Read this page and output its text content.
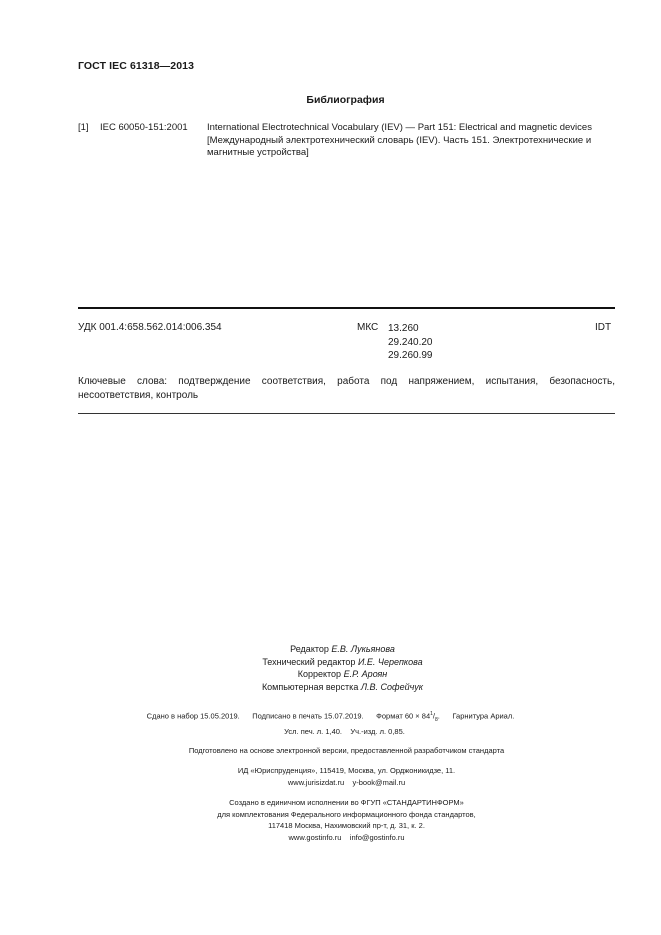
ГОСТ IEC 61318—2013
Библиография
[1] IEC 60050-151:2001 International Electrotechnical Vocabulary (IEV) — Part 151: Electrical and magnetic devices
[Международный электротехнический словарь (IEV). Часть 151. Электротехнические и
магнитные устройства]
УДК 001.4:658.562.014:006.354	МКС 13.260
29.240.20
29.260.99
IDT
Ключевые слова: подтверждение соответствия, работа под напряжением, испытания, безопасность, несоответствия, контроль
Редактор Е.В. Лукьянова
Технический редактор И.Е. Черепкова
Корректор Е.Р. Ароян
Компьютерная верстка Л.В. Софейчук
Сдано в набор 15.05.2019. Подписано в печать 15.07.2019. Формат $60 \times 84^1/_8$. Гарнитура Ариал.
Усл. печ. л. 1,40. Уч.-изд. л. 0,85.
Подготовлено на основе электронной версии, предоставленной разработчиком стандарта
ИД «Юриспруденция», 115419, Москва, ул. Орджоникидзе, 11.
www.jurisizdat.ru y-book@mail.ru
Создано в единичном исполнении во ФГУП «СТАНДАРТИНФОРМ»
для комплектования Федерального информационного фонда стандартов,
117418 Москва, Нахимовский пр-т, д. 31, к. 2.
www.gostinfo.ru info@gostinfo.ru
